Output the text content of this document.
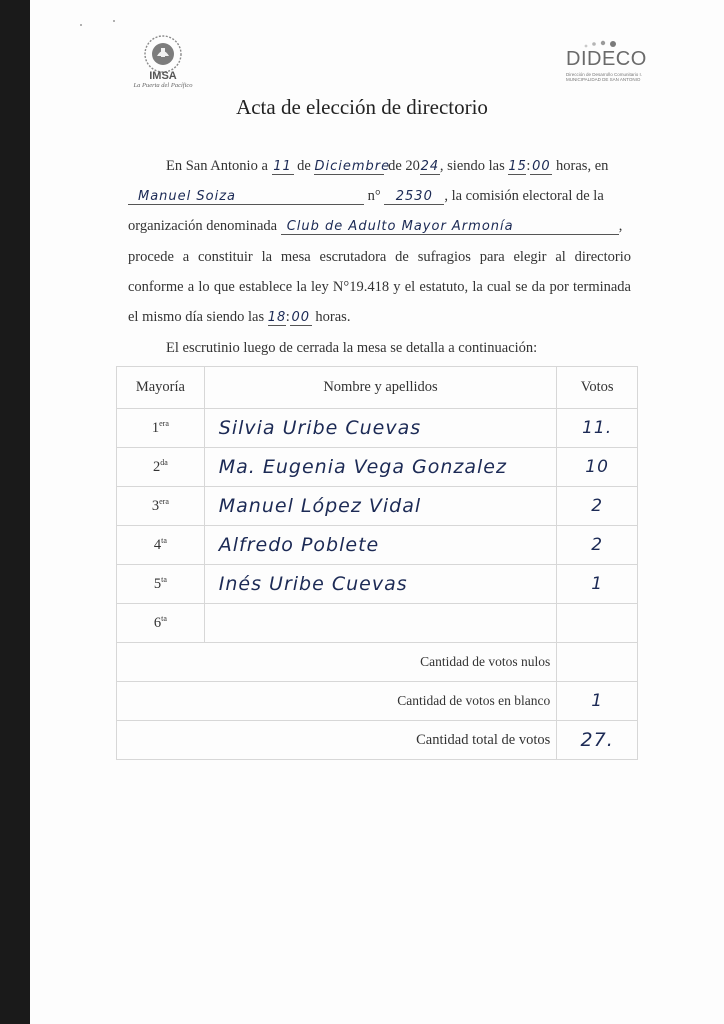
IMSA
La Puerta del Pacífico
DIDECO
Dirección de Desarrollo Comunitario I. MUNICIPALIDAD DE SAN ANTONIO
Acta de elección de directorio
En San Antonio a 11 de Diciembre de 2024, siendo las 15: 00 horas, en
Manuel Soiza	n° 2530 , la comisión electoral de la
organización denominada Club de Adulto Mayor Armonía	,
procede a constituir la mesa escrutadora de sufragios para elegir al directorio
conforme a lo que establece la ley N°19.418 y el estatuto, la cual se da por terminada
el mismo día siendo las 18: 00 horas.
El escrutinio luego de cerrada la mesa se detalla a continuación:
Mayoría	Nombre y apellidos	Votos
$1^{era}$	Silvia Uribe Cuevas	11.
$2^{da}$	Ma. Eugenia Vega Gonzalez	10
$3^{era}$	Manuel López Vidal	2
$4^{ta}$	Alfredo Poblete	2
$5^{ta}$	Inés Uribe Cuevas	1
$6^{ta}$		
Cantidad de votos nulos		
Cantidad de votos en blanco		1
Cantidad total de votos		27.
